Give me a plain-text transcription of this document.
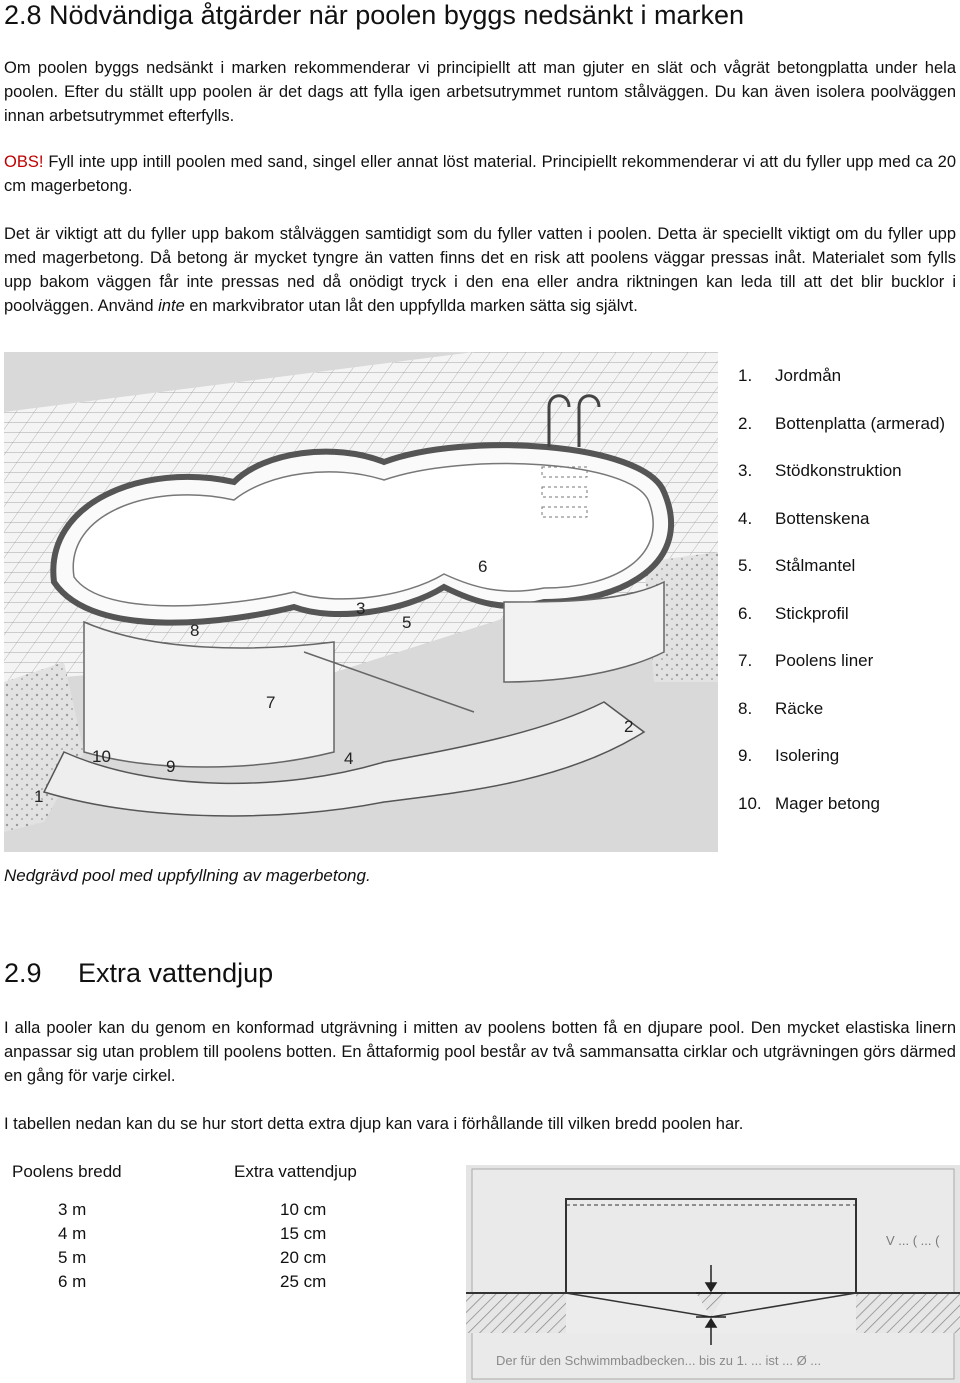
2.8 Nödvändiga åtgärder när poolen byggs nedsänkt i marken

Om poolen byggs nedsänkt i marken rekommenderar vi principiellt att man gjuter en slät och vågrät betongplatta under hela poolen. Efter du ställt upp poolen är det dags att fylla igen arbetsutrymmet runtom stålväggen. Du kan även isolera poolväggen innan arbetsutrymmet efterfylls.

OBS! Fyll inte upp intill poolen med sand, singel eller annat löst material. Principiellt rekommenderar vi att du fyller upp med ca 20 cm magerbetong.

Det är viktigt att du fyller upp bakom stålväggen samtidigt som du fyller vatten i poolen. Detta är speciellt viktigt om du fyller upp med magerbetong. Då betong är mycket tyngre än vatten finns det en risk att poolens väggar pressas inåt. Materialet som fylls upp bakom väggen får inte pressas ned då onödigt tryck i den ena eller andra riktningen kan leda till att det blir bucklor i poolväggen. Använd inte en markvibrator utan låt den uppfyllda marken sätta sig självt.

1
2
3
4
5
6
7
8
9
10
1.	Jordmån
2.	Bottenplatta (armerad)
3.	Stödkonstruktion
4.	Bottenskena
5.	Stålmantel
6.	Stickprofil
7.	Poolens liner
8.	Räcke
9.	Isolering
10. Mager betong
Nedgrävd pool med uppfyllning av magerbetong.
2.9 Extra vattendjup

I alla pooler kan du genom en konformad utgrävning i mitten av poolens botten få en djupare pool. Den mycket elastiska linern anpassar sig utan problem till poolens botten. En åttaformig pool består av två sammansatta cirklar och utgrävningen görs därmed en gång för varje cirkel.

I tabellen nedan kan du se hur stort detta extra djup kan vara i förhållande till vilken bredd poolen har.

Poolens bredd	Extra vattendjup

3 m	10 cm
4 m	15 cm
5 m	20 cm
6 m	25 cm
V ... ( ... (
Der für den Schwimmbadbecken... bis zu 1. ... ist ... Ø ...
